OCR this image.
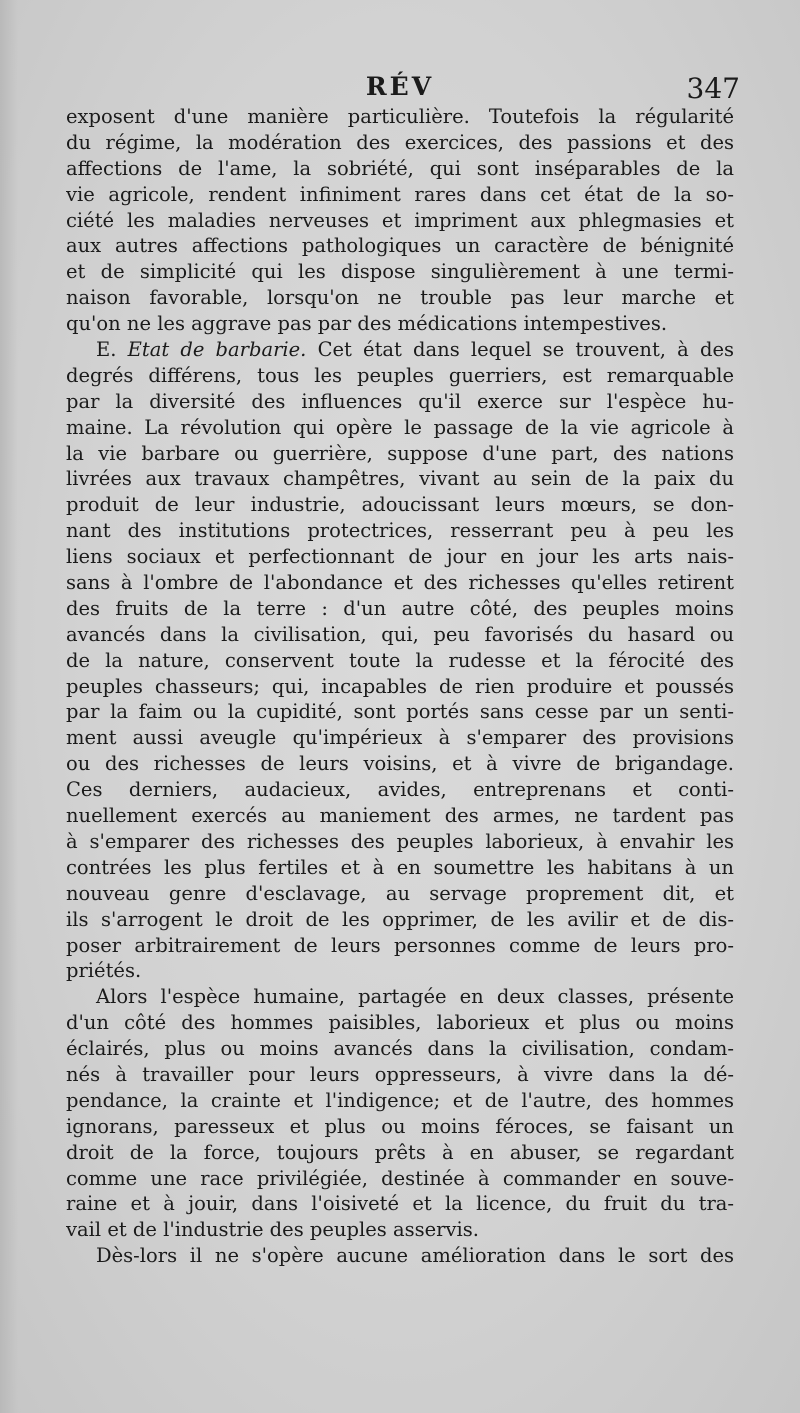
RÉV	347
exposent d'une manière particulière. Toutefois la régularité
du régime, la modération des exercices, des passions et des
affections de l'ame, la sobriété, qui sont inséparables de la
vie agricole, rendent infiniment rares dans cet état de la so-
ciété les maladies nerveuses et impriment aux phlegmasies et
aux autres affections pathologiques un caractère de bénignité
et de simplicité qui les dispose singulièrement à une termi-
naison favorable, lorsqu'on ne trouble pas leur marche et
qu'on ne les aggrave pas par des médications intempestives.
E. Etat de barbarie. Cet état dans lequel se trouvent, à des
degrés différens, tous les peuples guerriers, est remarquable
par la diversité des influences qu'il exerce sur l'espèce hu-
maine. La révolution qui opère le passage de la vie agricole à
la vie barbare ou guerrière, suppose d'une part, des nations
livrées aux travaux champêtres, vivant au sein de la paix du
produit de leur industrie, adoucissant leurs mœurs, se don-
nant des institutions protectrices, resserrant peu à peu les
liens sociaux et perfectionnant de jour en jour les arts nais-
sans à l'ombre de l'abondance et des richesses qu'elles retirent
des fruits de la terre : d'un autre côté, des peuples moins
avancés dans la civilisation, qui, peu favorisés du hasard ou
de la nature, conservent toute la rudesse et la férocité des
peuples chasseurs; qui, incapables de rien produire et poussés
par la faim ou la cupidité, sont portés sans cesse par un senti-
ment aussi aveugle qu'impérieux à s'emparer des provisions
ou des richesses de leurs voisins, et à vivre de brigandage.
Ces derniers, audacieux, avides, entreprenans et conti-
nuellement exercés au maniement des armes, ne tardent pas
à s'emparer des richesses des peuples laborieux, à envahir les
contrées les plus fertiles et à en soumettre les habitans à un
nouveau genre d'esclavage, au servage proprement dit, et
ils s'arrogent le droit de les opprimer, de les avilir et de dis-
poser arbitrairement de leurs personnes comme de leurs pro-
priétés.
Alors l'espèce humaine, partagée en deux classes, présente
d'un côté des hommes paisibles, laborieux et plus ou moins
éclairés, plus ou moins avancés dans la civilisation, condam-
nés à travailler pour leurs oppresseurs, à vivre dans la dé-
pendance, la crainte et l'indigence; et de l'autre, des hommes
ignorans, paresseux et plus ou moins féroces, se faisant un
droit de la force, toujours prêts à en abuser, se regardant
comme une race privilégiée, destinée à commander en souve-
raine et à jouir, dans l'oisiveté et la licence, du fruit du tra-
vail et de l'industrie des peuples asservis.
Dès-lors il ne s'opère aucune amélioration dans le sort des
